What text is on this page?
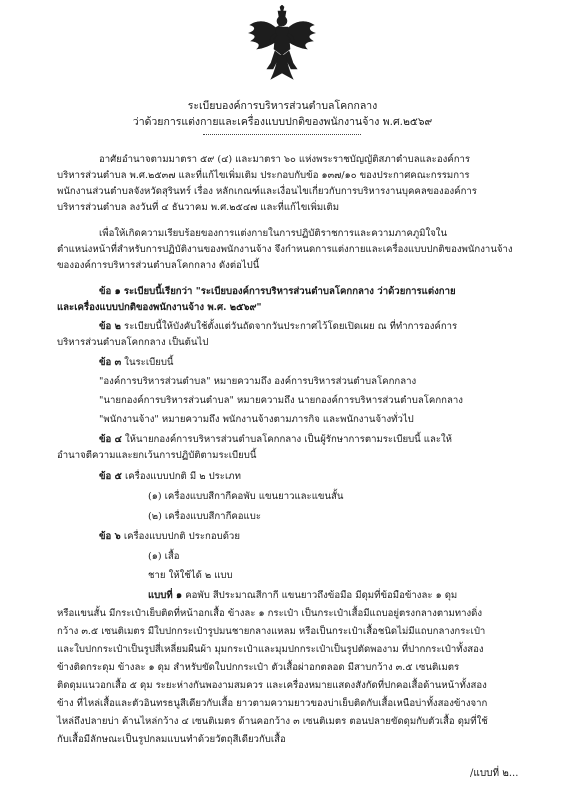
ระเบียบองค์การบริหารส่วนตำบลโคกกลาง
ว่าด้วยการแต่งกายและเครื่องแบบปกติของพนักงานจ้าง พ.ศ.๒๕๖๙
อาศัยอำนาจตามมาตรา ๕๙ (๔) และมาตรา ๖๐ แห่งพระราชบัญญัติสภาตำบลและองค์การ
บริหารส่วนตำบล พ.ศ.๒๕๓๗ และที่แก้ไขเพิ่มเติม ประกอบกับข้อ ๑๓๗/๑๐ ของประกาศคณะกรรมการ
พนักงานส่วนตำบลจังหวัดสุรินทร์ เรื่อง หลักเกณฑ์และเงื่อนไขเกี่ยวกับการบริหารงานบุคคลขององค์การ
บริหารส่วนตำบล ลงวันที่ ๔ ธันวาคม พ.ศ.๒๕๔๗ และที่แก้ไขเพิ่มเติม
เพื่อให้เกิดความเรียบร้อยของการแต่งกายในการปฏิบัติราชการและความภาคภูมิใจใน
ตำแหน่งหน้าที่สำหรับการปฏิบัติงานของพนักงานจ้าง จึงกำหนดการแต่งกายและเครื่องแบบปกติของพนักงานจ้าง
ขององค์การบริหารส่วนตำบลโคกกลาง ดังต่อไปนี้
ข้อ ๑ ระเบียบนี้เรียกว่า "ระเบียบองค์การบริหารส่วนตำบลโคกกลาง ว่าด้วยการแต่งกาย
และเครื่องแบบปกติของพนักงานจ้าง พ.ศ. ๒๕๖๙"
ข้อ ๒ ระเบียบนี้ให้บังคับใช้ตั้งแต่วันถัดจากวันประกาศไว้โดยเปิดเผย ณ ที่ทำการองค์การ
บริหารส่วนตำบลโคกกลาง เป็นต้นไป
ข้อ ๓ ในระเบียบนี้
"องค์การบริหารส่วนตำบล" หมายความถึง องค์การบริหารส่วนตำบลโคกกลาง
"นายกองค์การบริหารส่วนตำบล" หมายความถึง นายกองค์การบริหารส่วนตำบลโคกกลาง
"พนักงานจ้าง" หมายความถึง พนักงานจ้างตามภารกิจ และพนักงานจ้างทั่วไป
ข้อ ๔ ให้นายกองค์การบริหารส่วนตำบลโคกกลาง เป็นผู้รักษาการตามระเบียบนี้ และให้
อำนาจตีความและยกเว้นการปฏิบัติตามระเบียบนี้
ข้อ ๕ เครื่องแบบปกติ มี ๒ ประเภท
(๑) เครื่องแบบสีกากีคอพับ แขนยาวและแขนสั้น
(๒) เครื่องแบบสีกากีคอแบะ
ข้อ ๖ เครื่องแบบปกติ ประกอบด้วย
(๑) เสื้อ
ชาย ให้ใช้ได้ ๒ แบบ
แบบที่ ๑ คอพับ สีประมาณสีกากี แขนยาวถึงข้อมือ มีดุมที่ข้อมือข้างละ ๑ ดุม
หรือแขนสั้น มีกระเป๋าเย็บติดที่หน้าอกเสื้อ ข้างละ ๑ กระเป๋า เป็นกระเป๋าเสื้อมีแถบอยู่ตรงกลางตามทางดิ่ง
กว้าง ๓.๕ เซนติเมตร มีใบปกกระเป๋ารูปมนชายกลางแหลม หรือเป็นกระเป๋าเสื้อชนิดไม่มีแถบกลางกระเป๋า
และใบปกกระเป๋าเป็นรูปสี่เหลี่ยมผืนผ้า มุมกระเป๋าและมุมปกกระเป๋าเป็นรูปตัดพองาม ที่ปากกระเป๋าทั้งสอง
ข้างติดกระดุม ข้างละ ๑ ดุม สำหรับขัดใบปกกระเป๋า ตัวเสื้อผ่าอกตลอด มีสาบกว้าง ๓.๕ เซนติเมตร
ติดดุมแนวอกเสื้อ ๕ ดุม ระยะห่างกันพองามสมควร และเครื่องหมายแสดงสังกัดที่ปกคอเสื้อด้านหน้าทั้งสอง
ข้าง ที่ไหล่เสื้อและตัวอินทรธนูสีเดียวกับเสื้อ ยาวตามความยาวของบ่าเย็บติดกับเสื้อเหนือบ่าทั้งสองข้างจาก
ไหล่ถึงปลายบ่า ด้านไหล่กว้าง ๔ เซนติเมตร ด้านคอกว้าง ๓ เซนติเมตร ตอนปลายขัดดุมกับตัวเสื้อ ดุมที่ใช้
กับเสื้อมีลักษณะเป็นรูปกลมแบนทำด้วยวัตถุสีเดียวกับเสื้อ
/แบบที่ ๒...
